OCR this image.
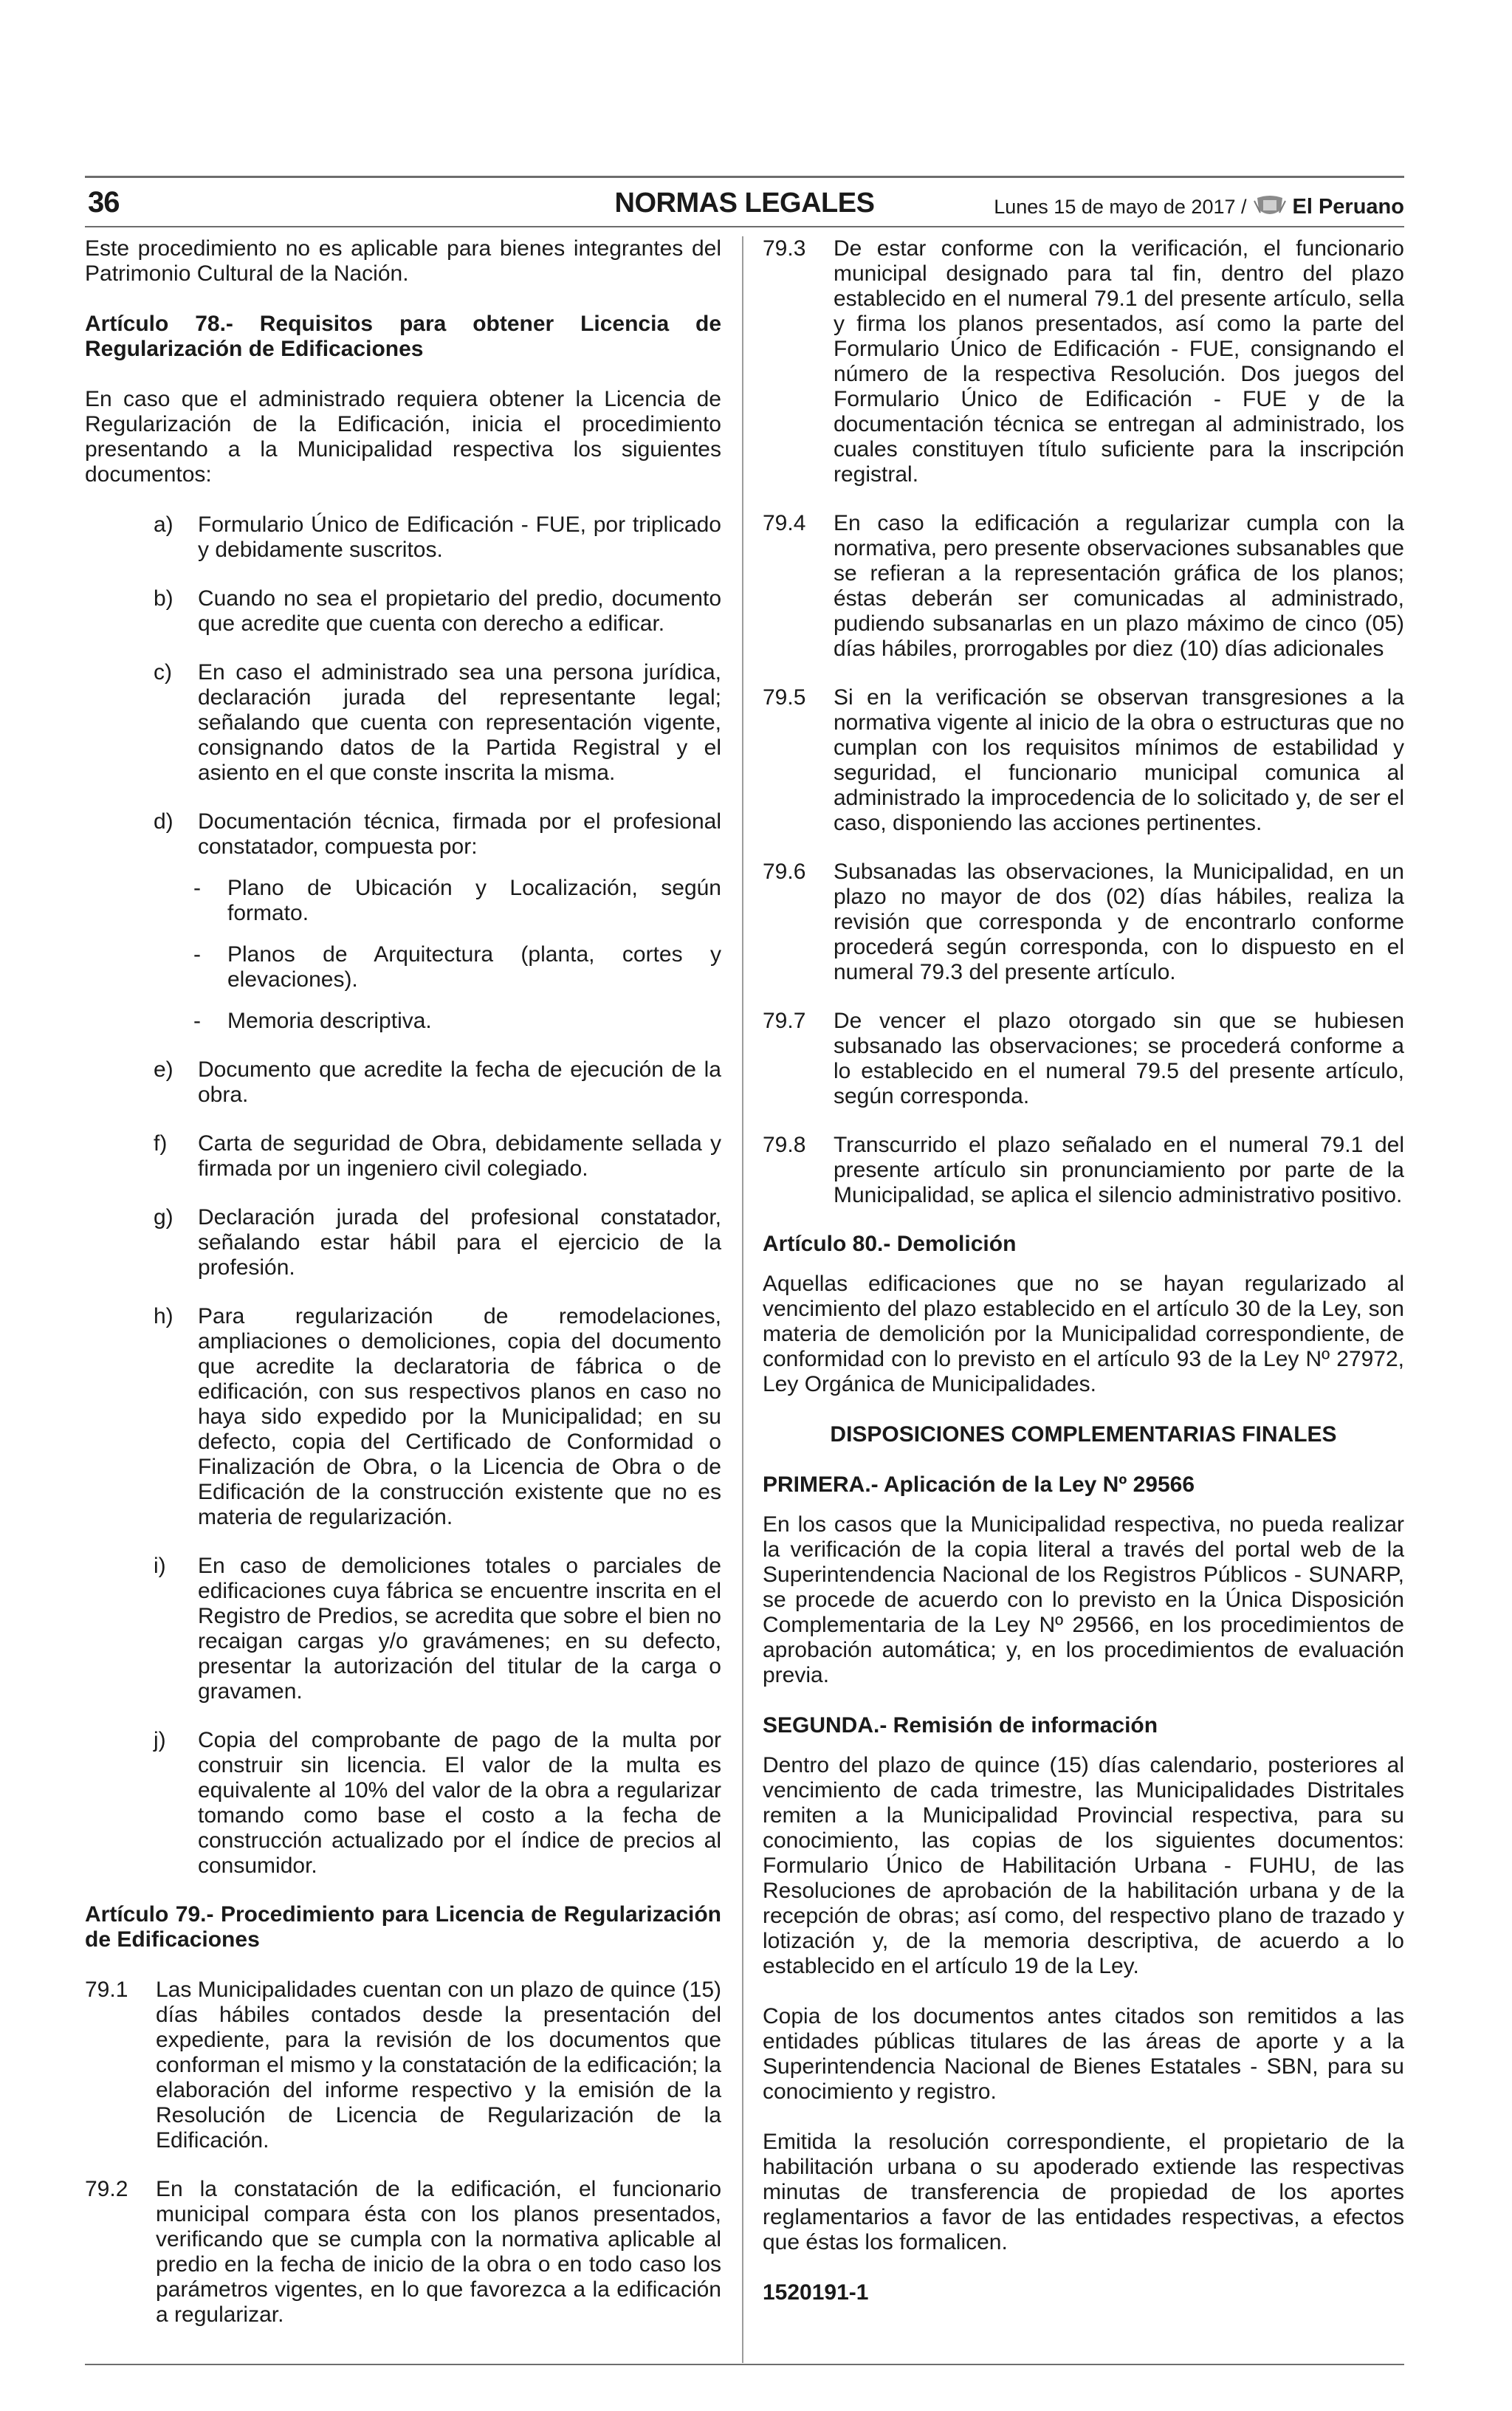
36	NORMAS LEGALES	Lunes 15 de mayo de 2017 / El Peruano

Este procedimiento no es aplicable para bienes integrantes del Patrimonio Cultural de la Nación.

Artículo 78.- Requisitos para obtener Licencia de Regularización de Edificaciones

En caso que el administrado requiera obtener la Licencia de Regularización de la Edificación, inicia el procedimiento presentando a la Municipalidad respectiva los siguientes documentos:

a)	Formulario Único de Edificación - FUE, por triplicado y debidamente suscritos.
b)	Cuando no sea el propietario del predio, documento que acredite que cuenta con derecho a edificar.
c)	En caso el administrado sea una persona jurídica, declaración jurada del representante legal; señalando que cuenta con representación vigente, consignando datos de la Partida Registral y el asiento en el que conste inscrita la misma.
d)	Documentación técnica, firmada por el profesional constatador, compuesta por:
-	Plano de Ubicación y Localización, según formato.
-	Planos de Arquitectura (planta, cortes y elevaciones).
-	Memoria descriptiva.
e)	Documento que acredite la fecha de ejecución de la obra.
f)	Carta de seguridad de Obra, debidamente sellada y firmada por un ingeniero civil colegiado.
g)	Declaración jurada del profesional constatador, señalando estar hábil para el ejercicio de la profesión.
h)	Para regularización de remodelaciones, ampliaciones o demoliciones, copia del documento que acredite la declaratoria de fábrica o de edificación, con sus respectivos planos en caso no haya sido expedido por la Municipalidad; en su defecto, copia del Certificado de Conformidad o Finalización de Obra, o la Licencia de Obra o de Edificación de la construcción existente que no es materia de regularización.
i)	En caso de demoliciones totales o parciales de edificaciones cuya fábrica se encuentre inscrita en el Registro de Predios, se acredita que sobre el bien no recaigan cargas y/o gravámenes; en su defecto, presentar la autorización del titular de la carga o gravamen.
j)	Copia del comprobante de pago de la multa por construir sin licencia. El valor de la multa es equivalente al 10% del valor de la obra a regularizar tomando como base el costo a la fecha de construcción actualizado por el índice de precios al consumidor.

Artículo 79.- Procedimiento para Licencia de Regularización de Edificaciones

79.1	Las Municipalidades cuentan con un plazo de quince (15) días hábiles contados desde la presentación del expediente, para la revisión de los documentos que conforman el mismo y la constatación de la edificación; la elaboración del informe respectivo y la emisión de la Resolución de Licencia de Regularización de la Edificación.
79.2	En la constatación de la edificación, el funcionario municipal compara ésta con los planos presentados, verificando que se cumpla con la normativa aplicable al predio en la fecha de inicio de la obra o en todo caso los parámetros vigentes, en lo que favorezca a la edificación a regularizar.
79.3	De estar conforme con la verificación, el funcionario municipal designado para tal fin, dentro del plazo establecido en el numeral 79.1 del presente artículo, sella y firma los planos presentados, así como la parte del Formulario Único de Edificación - FUE, consignando el número de la respectiva Resolución. Dos juegos del Formulario Único de Edificación - FUE y de la documentación técnica se entregan al administrado, los cuales constituyen título suficiente para la inscripción registral.
79.4	En caso la edificación a regularizar cumpla con la normativa, pero presente observaciones subsanables que se refieran a la representación gráfica de los planos; éstas deberán ser comunicadas al administrado, pudiendo subsanarlas en un plazo máximo de cinco (05) días hábiles, prorrogables por diez (10) días adicionales
79.5	Si en la verificación se observan transgresiones a la normativa vigente al inicio de la obra o estructuras que no cumplan con los requisitos mínimos de estabilidad y seguridad, el funcionario municipal comunica al administrado la improcedencia de lo solicitado y, de ser el caso, disponiendo las acciones pertinentes.
79.6	Subsanadas las observaciones, la Municipalidad, en un plazo no mayor de dos (02) días hábiles, realiza la revisión que corresponda y de encontrarlo conforme procederá según corresponda, con lo dispuesto en el numeral 79.3 del presente artículo.
79.7	De vencer el plazo otorgado sin que se hubiesen subsanado las observaciones; se procederá conforme a lo establecido en el numeral 79.5 del presente artículo, según corresponda.
79.8	Transcurrido el plazo señalado en el numeral 79.1 del presente artículo sin pronunciamiento por parte de la Municipalidad, se aplica el silencio administrativo positivo.

Artículo 80.- Demolición

Aquellas edificaciones que no se hayan regularizado al vencimiento del plazo establecido en el artículo 30 de la Ley, son materia de demolición por la Municipalidad correspondiente, de conformidad con lo previsto en el artículo 93 de la Ley Nº 27972, Ley Orgánica de Municipalidades.

DISPOSICIONES COMPLEMENTARIAS FINALES

PRIMERA.- Aplicación de la Ley Nº 29566

En los casos que la Municipalidad respectiva, no pueda realizar la verificación de la copia literal a través del portal web de la Superintendencia Nacional de los Registros Públicos - SUNARP, se procede de acuerdo con lo previsto en la Única Disposición Complementaria de la Ley Nº 29566, en los procedimientos de aprobación automática; y, en los procedimientos de evaluación previa.

SEGUNDA.- Remisión de información

Dentro del plazo de quince (15) días calendario, posteriores al vencimiento de cada trimestre, las Municipalidades Distritales remiten a la Municipalidad Provincial respectiva, para su conocimiento, las copias de los siguientes documentos: Formulario Único de Habilitación Urbana - FUHU, de las Resoluciones de aprobación de la habilitación urbana y de la recepción de obras; así como, del respectivo plano de trazado y lotización y, de la memoria descriptiva, de acuerdo a lo establecido en el artículo 19 de la Ley.

Copia de los documentos antes citados son remitidos a las entidades públicas titulares de las áreas de aporte y a la Superintendencia Nacional de Bienes Estatales - SBN, para su conocimiento y registro.

Emitida la resolución correspondiente, el propietario de la habilitación urbana o su apoderado extiende las respectivas minutas de transferencia de propiedad de los aportes reglamentarios a favor de las entidades respectivas, a efectos que éstas los formalicen.

1520191-1
